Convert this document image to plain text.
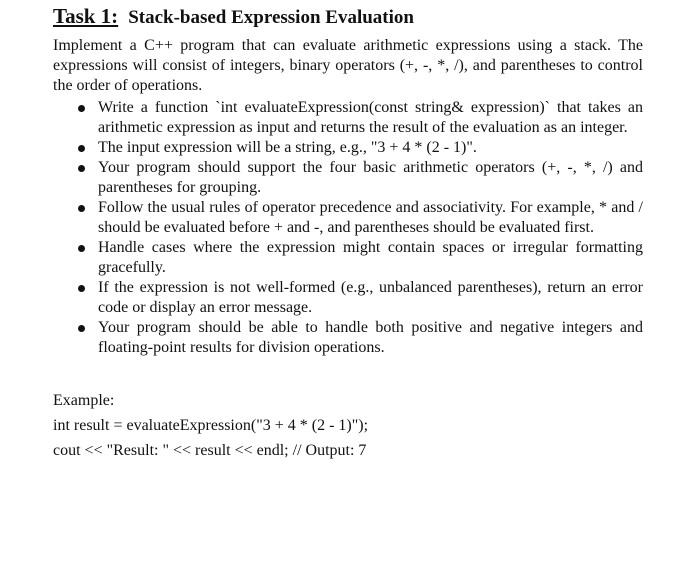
Task 1: Stack-based Expression Evaluation
Implement a C++ program that can evaluate arithmetic expressions using a stack. The expressions will consist of integers, binary operators (+, -, *, /), and parentheses to control the order of operations.
Write a function `int evaluateExpression(const string& expression)` that takes an arithmetic expression as input and returns the result of the evaluation as an integer.
The input expression will be a string, e.g., "3 + 4 * (2 - 1)".
Your program should support the four basic arithmetic operators (+, -, *, /) and parentheses for grouping.
Follow the usual rules of operator precedence and associativity. For example, * and / should be evaluated before + and -, and parentheses should be evaluated first.
Handle cases where the expression might contain spaces or irregular formatting gracefully.
If the expression is not well-formed (e.g., unbalanced parentheses), return an error code or display an error message.
Your program should be able to handle both positive and negative integers and floating-point results for division operations.
Example:
int result = evaluateExpression("3 + 4 * (2 - 1)");
cout << "Result: " << result << endl; // Output: 7
